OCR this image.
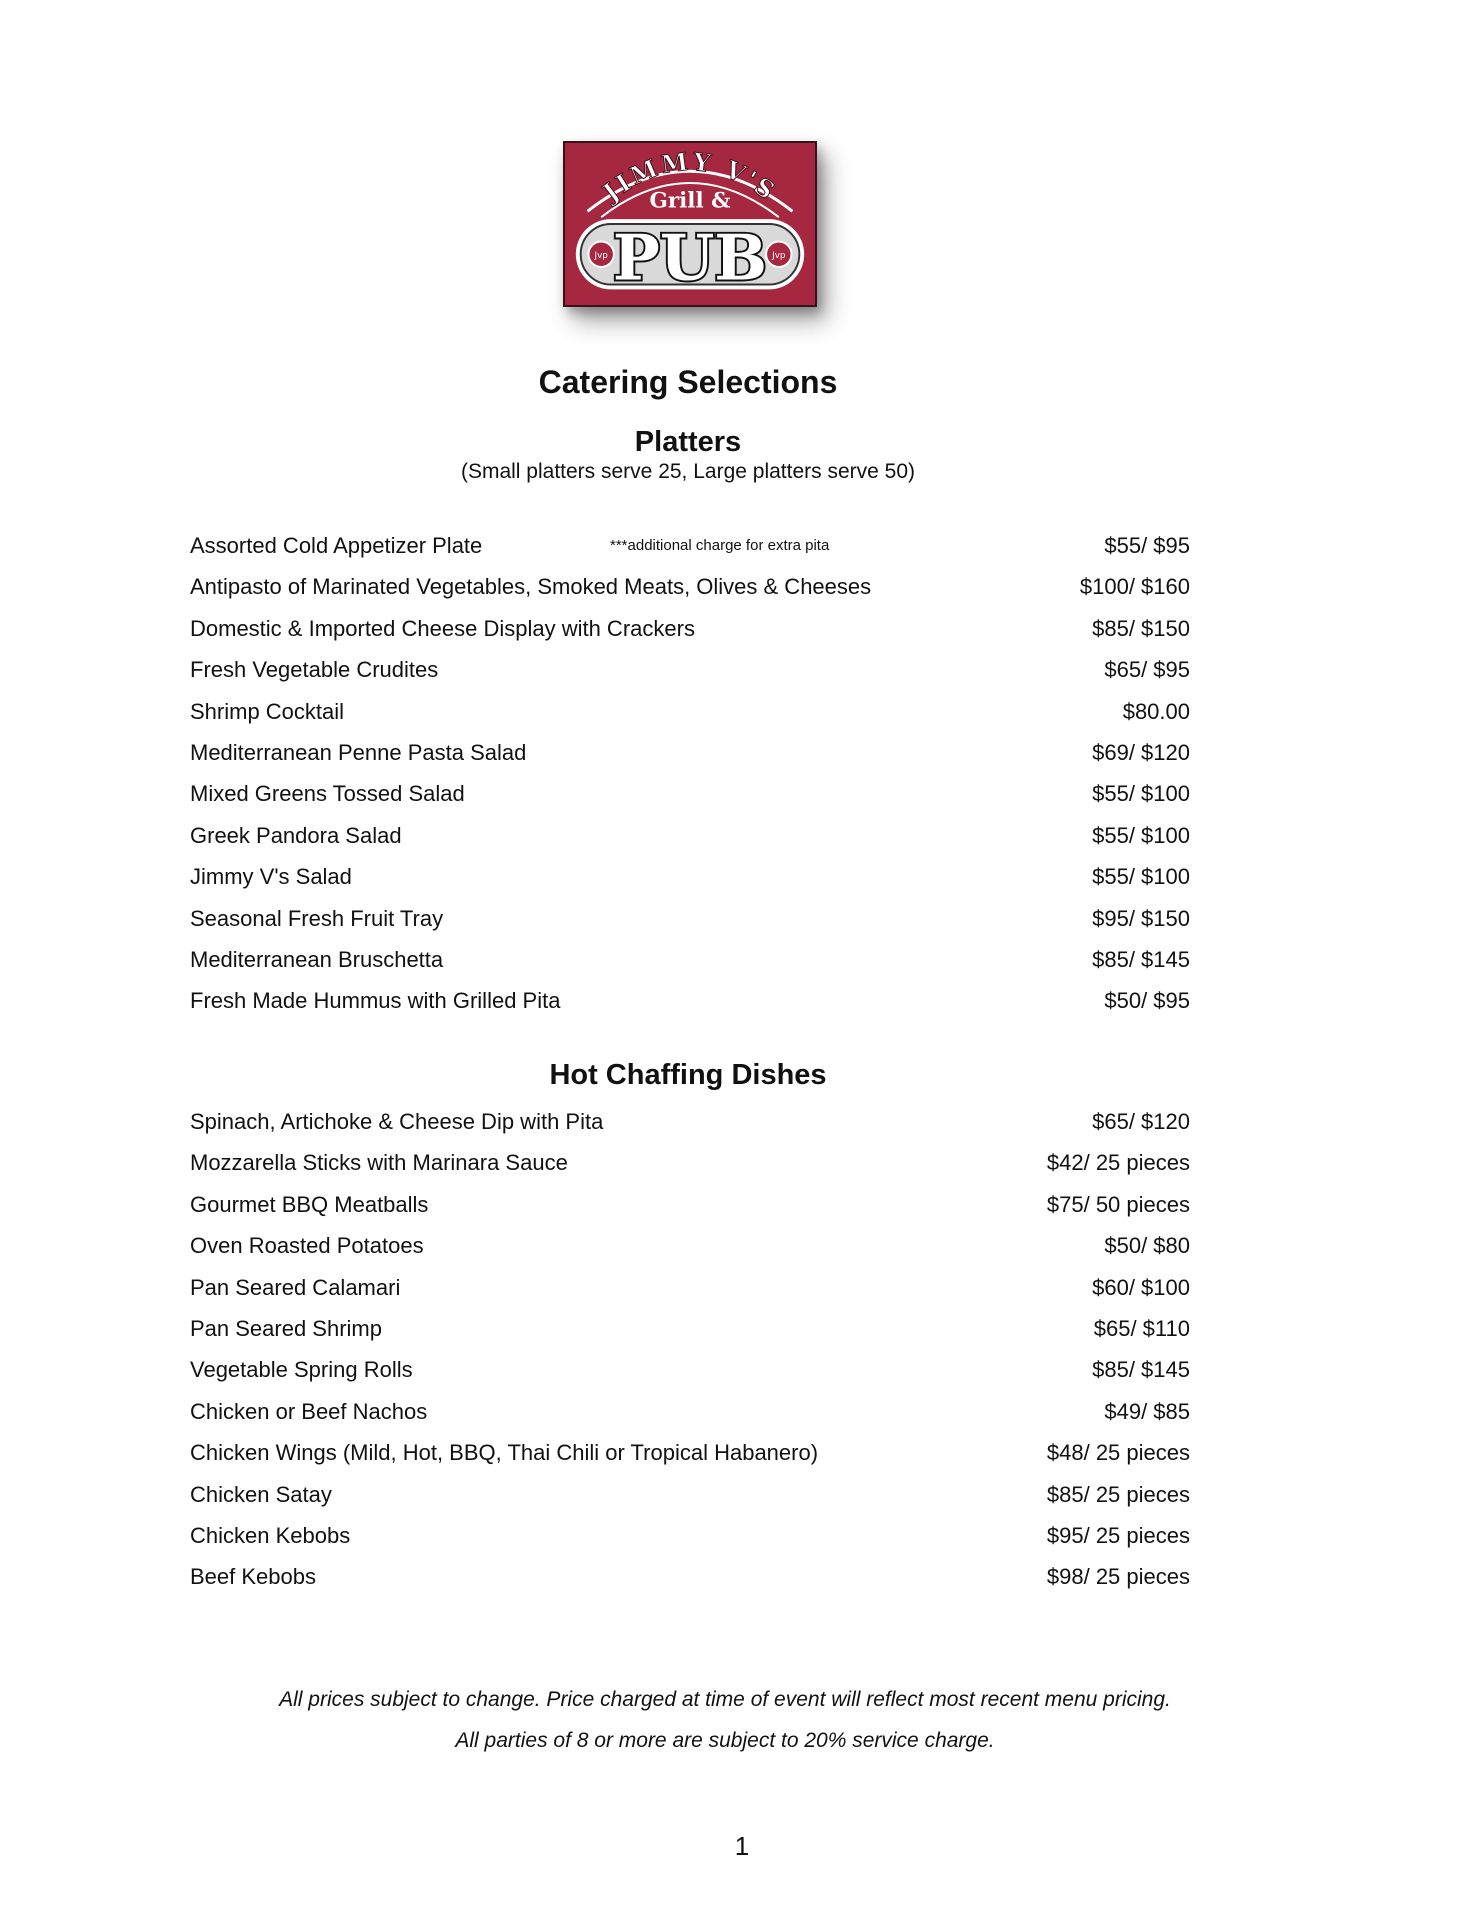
JIMMY V'S
Grill &
Jvp	Jvp
PUB
Catering Selections
Platters
(Small platters serve 25, Large platters serve 50)
Assorted Cold Appetizer Plate	***additional charge for extra pita	$55/ $95
Antipasto of Marinated Vegetables, Smoked Meats, Olives & Cheeses	$100/ $160
Domestic & Imported Cheese Display with Crackers	$85/ $150
Fresh Vegetable Crudites	$65/ $95
Shrimp Cocktail	$80.00
Mediterranean Penne Pasta Salad	$69/ $120
Mixed Greens Tossed Salad	$55/ $100
Greek Pandora Salad	$55/ $100
Jimmy V's Salad	$55/ $100
Seasonal Fresh Fruit Tray	$95/ $150
Mediterranean Bruschetta	$85/ $145
Fresh Made Hummus with Grilled Pita	$50/ $95
Hot Chaffing Dishes
Spinach, Artichoke & Cheese Dip with Pita	$65/ $120
Mozzarella Sticks with Marinara Sauce	$42/ 25 pieces
Gourmet BBQ Meatballs	$75/ 50 pieces
Oven Roasted Potatoes	$50/ $80
Pan Seared Calamari	$60/ $100
Pan Seared Shrimp	$65/ $110
Vegetable Spring Rolls	$85/ $145
Chicken or Beef Nachos	$49/ $85
Chicken Wings (Mild, Hot, BBQ, Thai Chili or Tropical Habanero)	$48/ 25 pieces
Chicken Satay	$85/ 25 pieces
Chicken Kebobs	$95/ 25 pieces
Beef Kebobs	$98/ 25 pieces
All prices subject to change. Price charged at time of event will reflect most recent menu pricing.
All parties of 8 or more are subject to 20% service charge.
1
